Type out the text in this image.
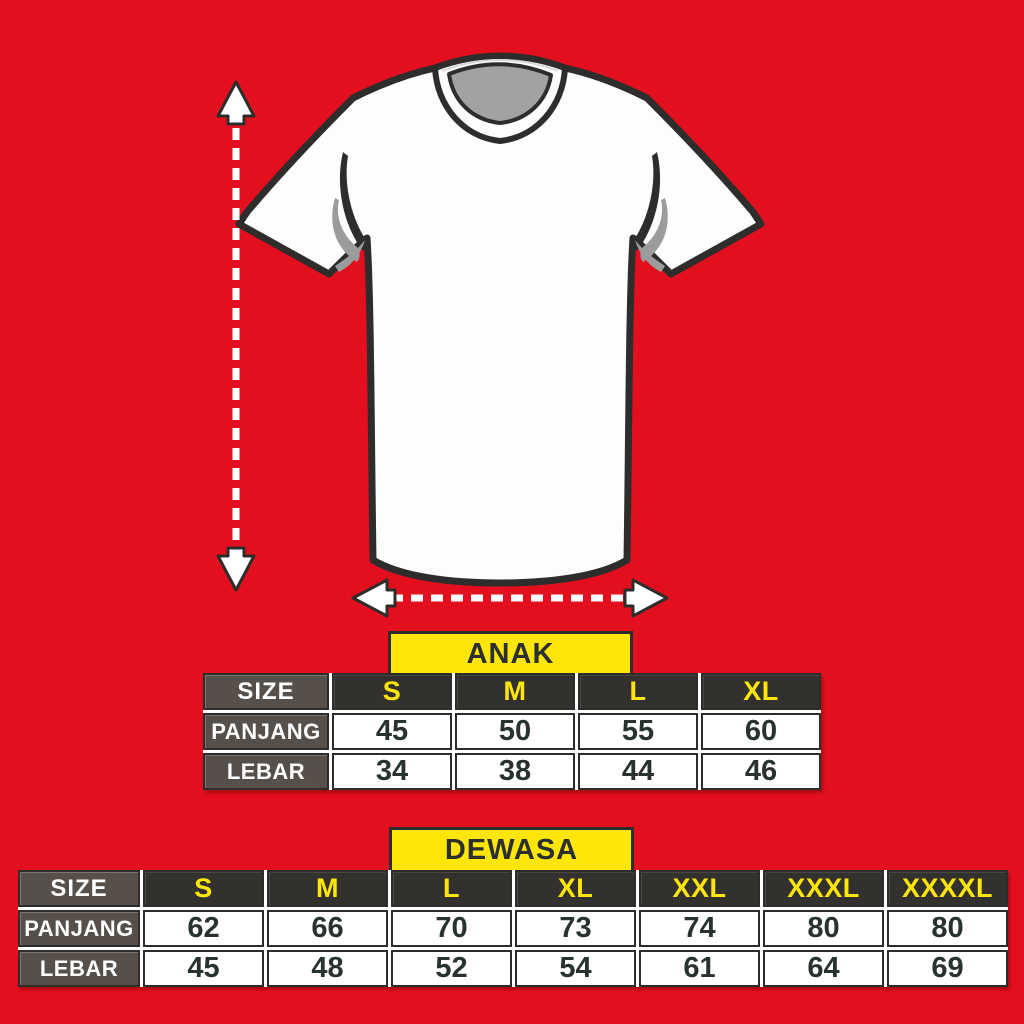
ANAK
SIZE	S	M	L	XL
PANJANG	45	50	55	60
LEBAR	34	38	44	46
DEWASA
SIZE	S	M	L	XL	XXL	XXXL	XXXXL
PANJANG	62	66	70	73	74	80	80
LEBAR	45	48	52	54	61	64	69
